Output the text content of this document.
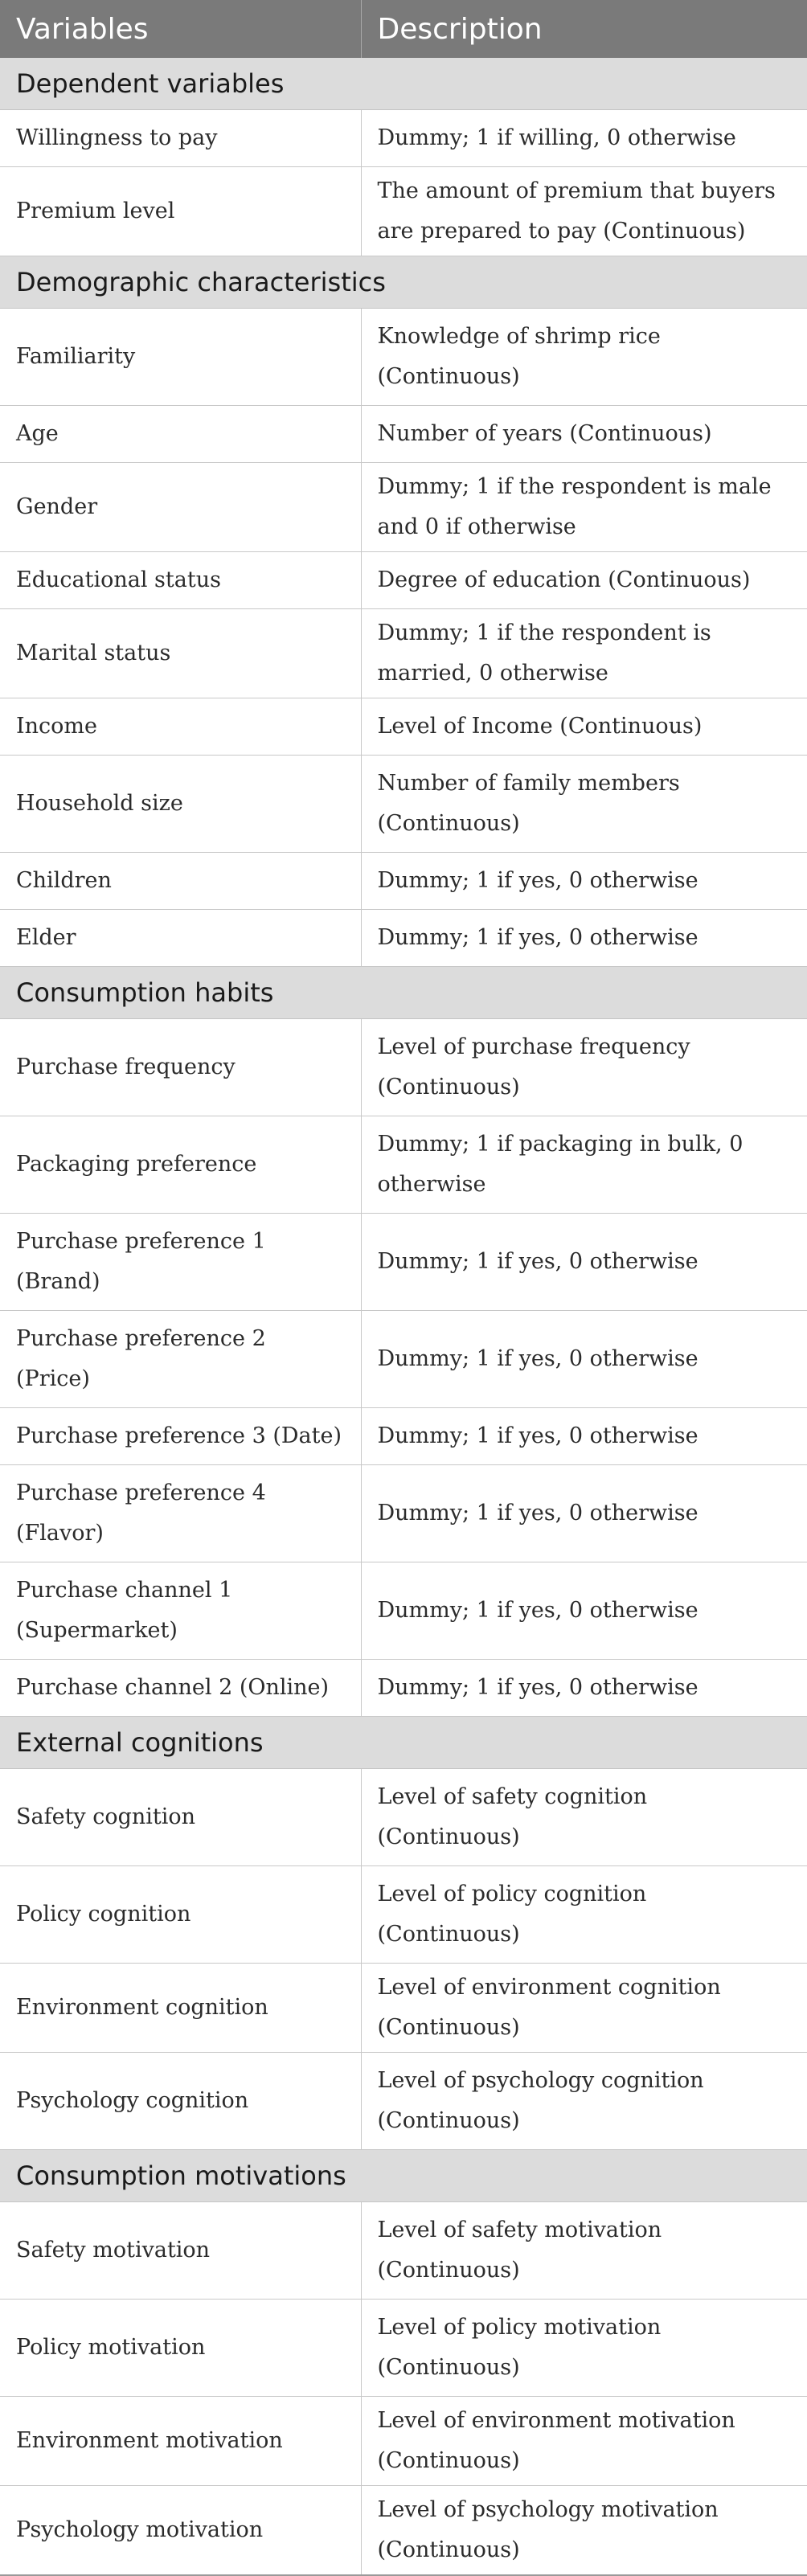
Variables	Description
Dependent variables	
Willingness to pay	Dummy; 1 if willing, 0 otherwise
Premium level	The amount of premium that buyers are prepared to pay (Continuous)
Demographic characteristics	
Familiarity	Knowledge of shrimp rice (Continuous)
Age	Number of years (Continuous)
Gender	Dummy; 1 if the respondent is male and 0 if otherwise
Educational status	Degree of education (Continuous)
Marital status	Dummy; 1 if the respondent is married, 0 otherwise
Income	Level of Income (Continuous)
Household size	Number of family members (Continuous)
Children	Dummy; 1 if yes, 0 otherwise
Elder	Dummy; 1 if yes, 0 otherwise
Consumption habits	
Purchase frequency	Level of purchase frequency (Continuous)
Packaging preference	Dummy; 1 if packaging in bulk, 0 otherwise
Purchase preference 1 (Brand)	Dummy; 1 if yes, 0 otherwise
Purchase preference 2 (Price)	Dummy; 1 if yes, 0 otherwise
Purchase preference 3 (Date)	Dummy; 1 if yes, 0 otherwise
Purchase preference 4 (Flavor)	Dummy; 1 if yes, 0 otherwise
Purchase channel 1 (Supermarket)	Dummy; 1 if yes, 0 otherwise
Purchase channel 2 (Online)	Dummy; 1 if yes, 0 otherwise
External cognitions	
Safety cognition	Level of safety cognition (Continuous)
Policy cognition	Level of policy cognition (Continuous)
Environment cognition	Level of environment cognition (Continuous)
Psychology cognition	Level of psychology cognition (Continuous)
Consumption motivations	
Safety motivation	Level of safety motivation (Continuous)
Policy motivation	Level of policy motivation (Continuous)
Environment motivation	Level of environment motivation (Continuous)
Psychology motivation	Level of psychology motivation (Continuous)
